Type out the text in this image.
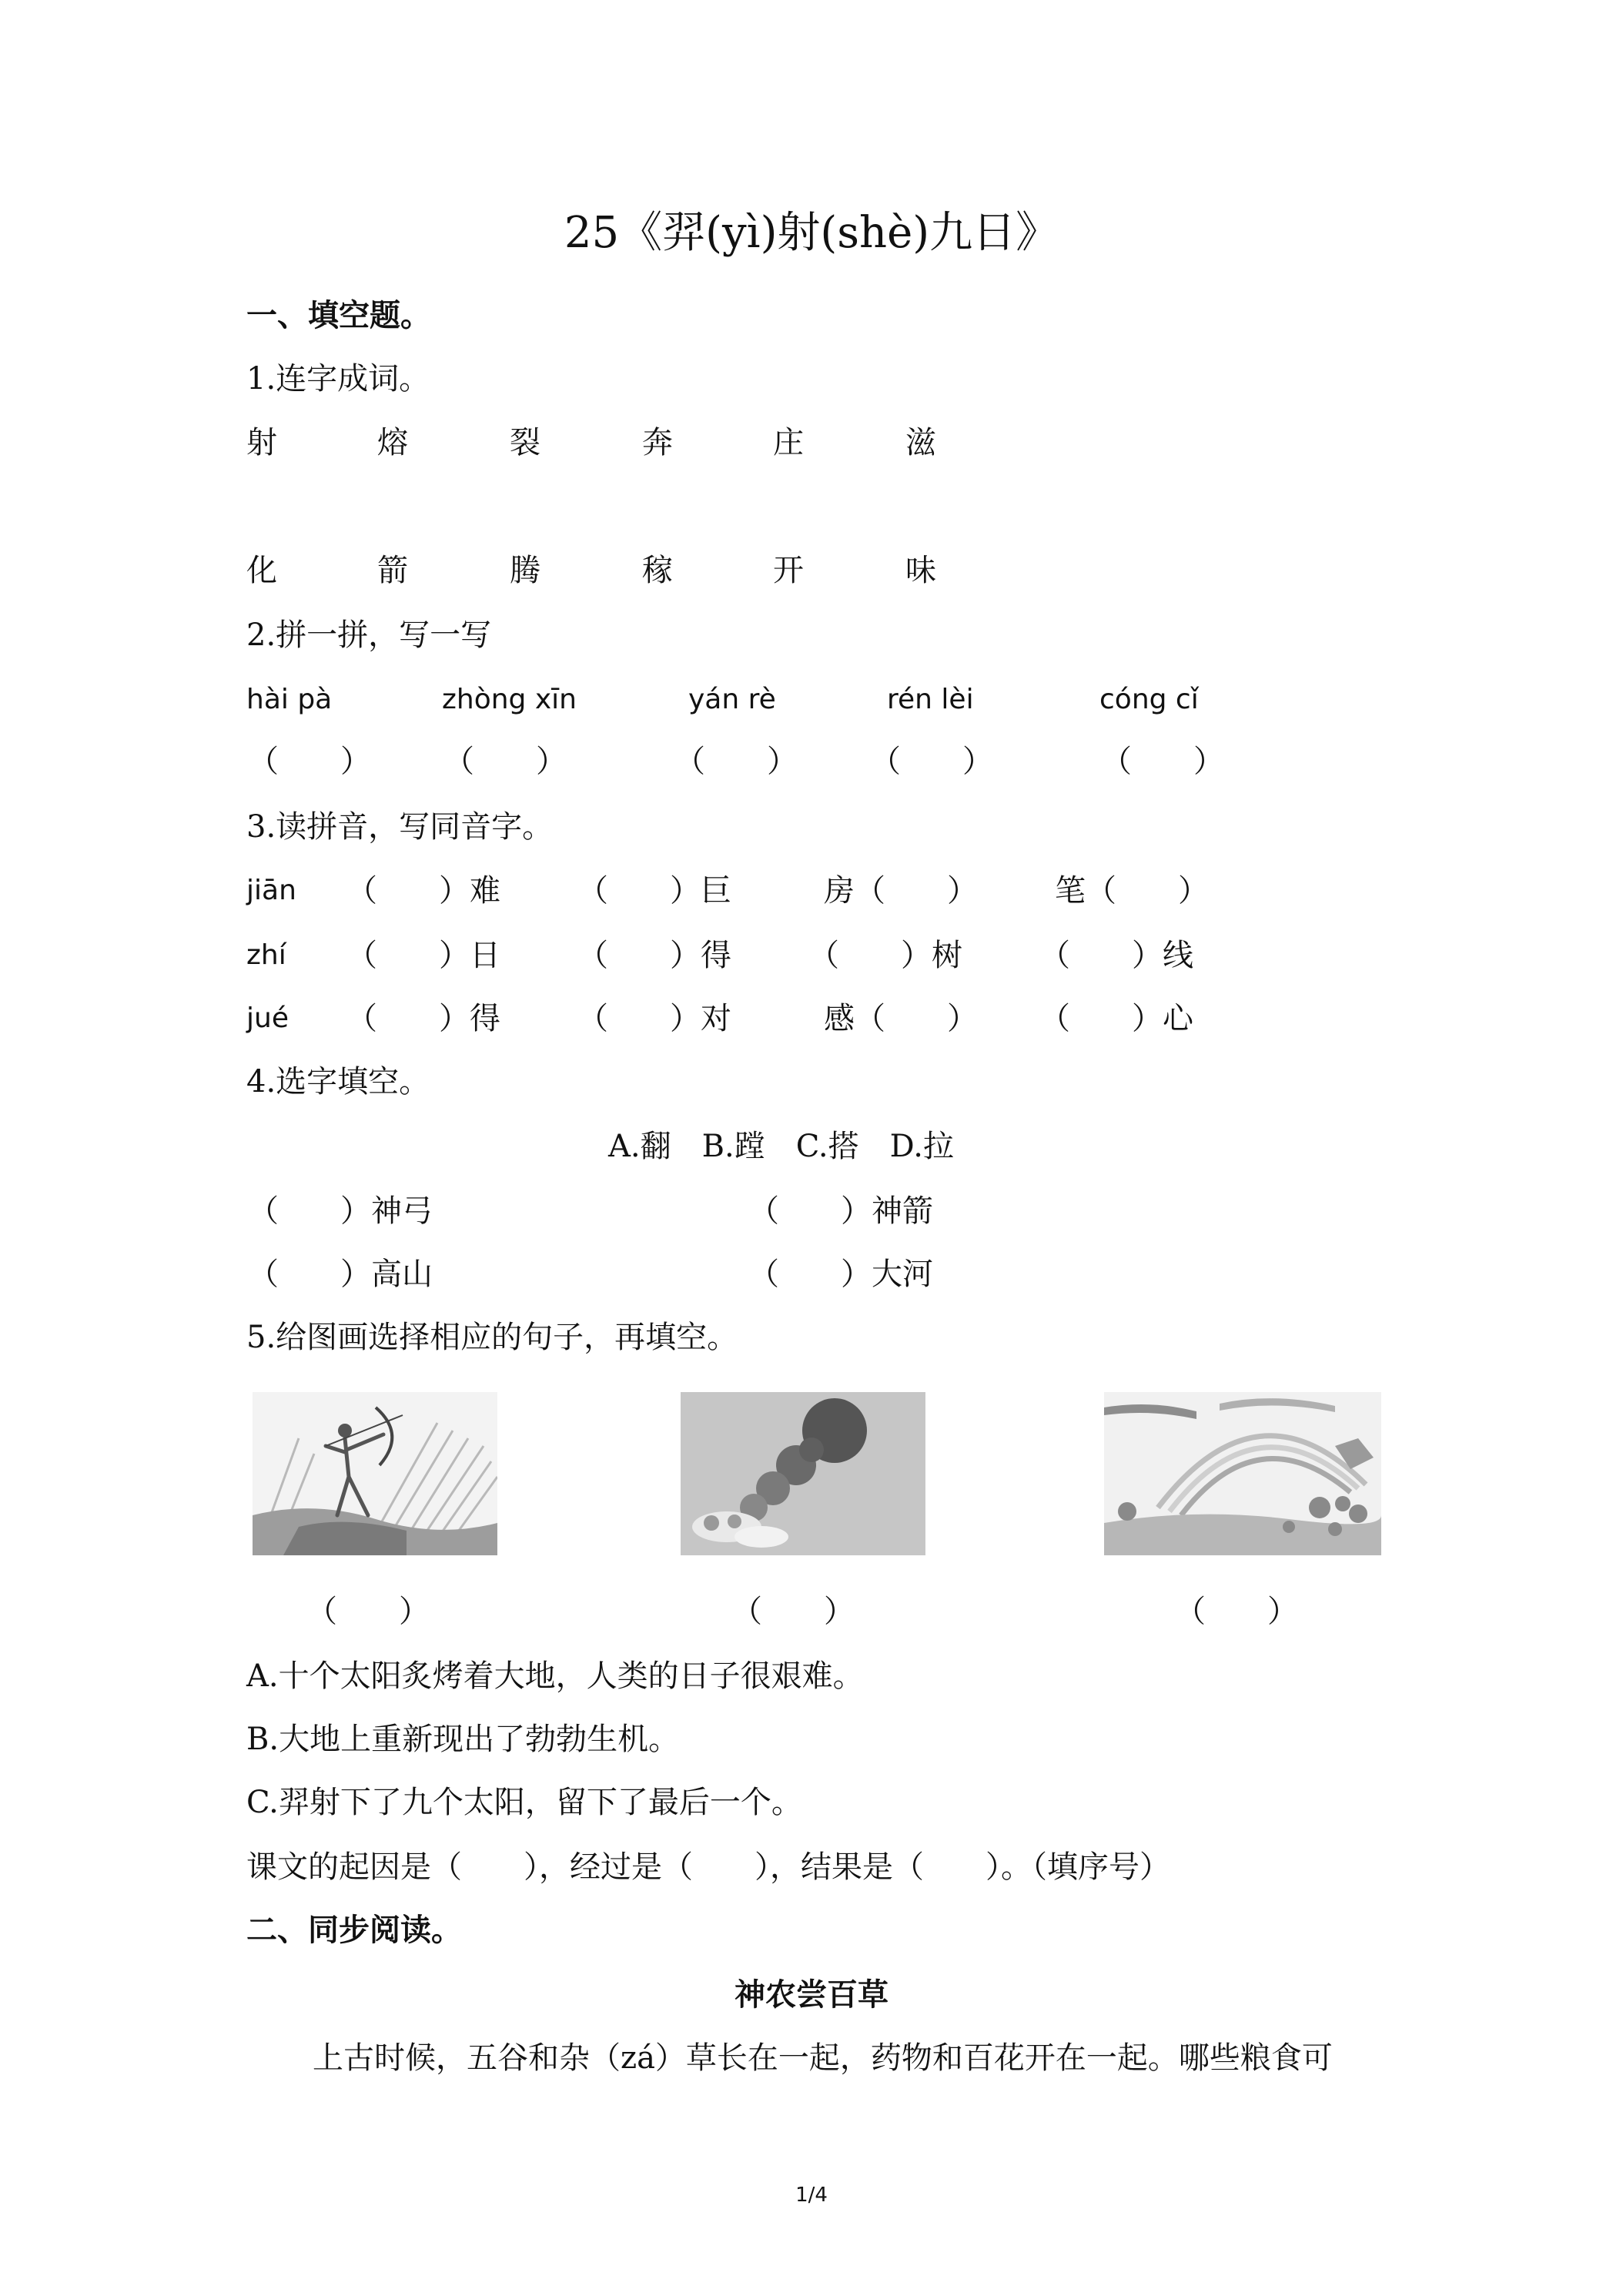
25《羿(yì)射(shè)九日》
一、填空题。
1.连字成词。
射	熔	裂	奔	庄	滋
化	箭	腾	稼	开	味
2.拼一拼，写一写
hài pà	zhòng xīn	yán rè	rén lèi	cóng cǐ
（　　） （　　）	（　　） （　　）	（　　）
3.读拼音，写同音字。
jiān （　　）难	（　　）巨	房（　　）	笔（　　）
zhí （　　）日	（　　）得	（　　）树	（　　）线
jué （　　）得	（　　）对	感（　　） （　　）心
4.选字填空。
A.翻　B.蹚　C.搭　D.拉
（　　）神弓	（　　）神箭
（　　）高山	（　　）大河
5.给图画选择相应的句子，再填空。
（　　）	（　　）	（　　）
A.十个太阳炙烤着大地，人类的日子很艰难。
B.大地上重新现出了勃勃生机。
C.羿射下了九个太阳，留下了最后一个。
课文的起因是（　　），经过是（　　），结果是（　　）。（填序号）
二、同步阅读。
神农尝百草
上古时候，五谷和杂（zá）草长在一起，药物和百花开在一起。哪些粮食可
1/4
